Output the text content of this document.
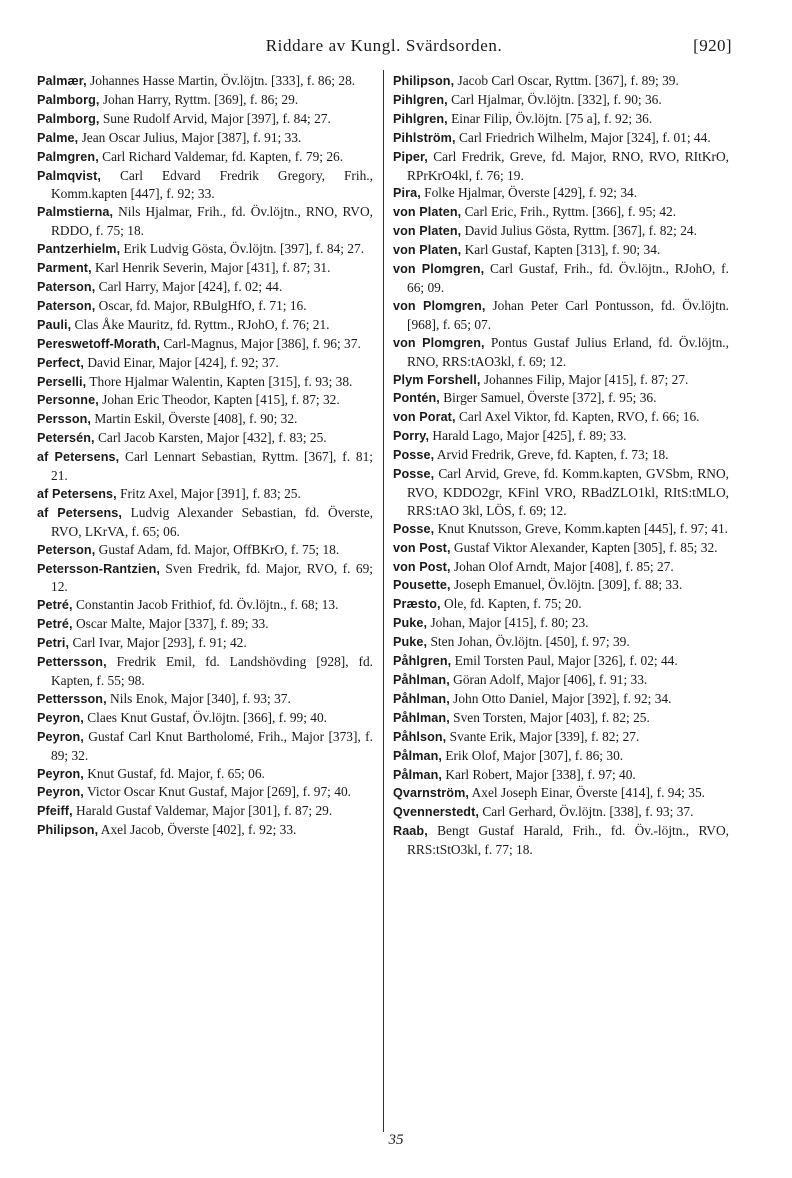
Riddare av Kungl. Svärdsorden.	[920]

Palmær, Johannes Hasse Martin, Öv.löjtn. [333], f. 86; 28.

Palmborg, Johan Harry, Ryttm. [369], f. 86; 29.

Palmborg, Sune Rudolf Arvid, Major [397], f. 84; 27.

Palme, Jean Oscar Julius, Major [387], f. 91; 33.

Palmgren, Carl Richard Valdemar, fd. Kapten, f. 79; 26.

Palmqvist, Carl Edvard Fredrik Gregory, Frih., Komm.kapten [447], f. 92; 33.

Palmstierna, Nils Hjalmar, Frih., fd. Öv.löjtn., RNO, RVO, RDDO, f. 75; 18.

Pantzerhielm, Erik Ludvig Gösta, Öv.löjtn. [397], f. 84; 27.

Parment, Karl Henrik Severin, Major [431], f. 87; 31.

Paterson, Carl Harry, Major [424], f. 02; 44.

Paterson, Oscar, fd. Major, RBulgHfO, f. 71; 16.

Pauli, Clas Åke Mauritz, fd. Ryttm., RJohO, f. 76; 21.

Pereswetoff-Morath, Carl-Magnus, Major [386], f. 96; 37.

Perfect, David Einar, Major [424], f. 92; 37.

Perselli, Thore Hjalmar Walentin, Kapten [315], f. 93; 38.

Personne, Johan Eric Theodor, Kapten [415], f. 87; 32.

Persson, Martin Eskil, Överste [408], f. 90; 32.

Petersén, Carl Jacob Karsten, Major [432], f. 83; 25.

af Petersens, Carl Lennart Sebastian, Ryttm. [367], f. 81; 21.

af Petersens, Fritz Axel, Major [391], f. 83; 25.

af Petersens, Ludvig Alexander Sebastian, fd. Överste, RVO, LKrVA, f. 65; 06.

Peterson, Gustaf Adam, fd. Major, OffBKrO, f. 75; 18.

Petersson-Rantzien, Sven Fredrik, fd. Major, RVO, f. 69; 12.

Petré, Constantin Jacob Frithiof, fd. Öv.löjtn., f. 68; 13.

Petré, Oscar Malte, Major [337], f. 89; 33.

Petri, Carl Ivar, Major [293], f. 91; 42.

Pettersson, Fredrik Emil, fd. Landshövding [928], fd. Kapten, f. 55; 98.

Pettersson, Nils Enok, Major [340], f. 93; 37.

Peyron, Claes Knut Gustaf, Öv.löjtn. [366], f. 99; 40.

Peyron, Gustaf Carl Knut Bartholomé, Frih., Major [373], f. 89; 32.

Peyron, Knut Gustaf, fd. Major, f. 65; 06.

Peyron, Victor Oscar Knut Gustaf, Major [269], f. 97; 40.

Pfeiff, Harald Gustaf Valdemar, Major [301], f. 87; 29.

Philipson, Axel Jacob, Överste [402], f. 92; 33.

Philipson, Jacob Carl Oscar, Ryttm. [367], f. 89; 39.

Pihlgren, Carl Hjalmar, Öv.löjtn. [332], f. 90; 36.

Pihlgren, Einar Filip, Öv.löjtn. [75 a], f. 92; 36.

Pihlström, Carl Friedrich Wilhelm, Major [324], f. 01; 44.

Piper, Carl Fredrik, Greve, fd. Major, RNO, RVO, RItKrO, RPrKrO4kl, f. 76; 19.

Pira, Folke Hjalmar, Överste [429], f. 92; 34.

von Platen, Carl Eric, Frih., Ryttm. [366], f. 95; 42.

von Platen, David Julius Gösta, Ryttm. [367], f. 82; 24.

von Platen, Karl Gustaf, Kapten [313], f. 90; 34.

von Plomgren, Carl Gustaf, Frih., fd. Öv.löjtn., RJohO, f. 66; 09.

von Plomgren, Johan Peter Carl Pontusson, fd. Öv.löjtn. [968], f. 65; 07.

von Plomgren, Pontus Gustaf Julius Erland, fd. Öv.löjtn., RNO, RRS:tAO3kl, f. 69; 12.

Plym Forshell, Johannes Filip, Major [415], f. 87; 27.

Pontén, Birger Samuel, Överste [372], f. 95; 36.

von Porat, Carl Axel Viktor, fd. Kapten, RVO, f. 66; 16.

Porry, Harald Lago, Major [425], f. 89; 33.

Posse, Arvid Fredrik, Greve, fd. Kapten, f. 73; 18.

Posse, Carl Arvid, Greve, fd. Komm.kapten, GVSbm, RNO, RVO, KDDO2gr, KFinl VRO, RBadZLO1kl, RItS:tMLO, RRS:tAO 3kl, LÖS, f. 69; 12.

Posse, Knut Knutsson, Greve, Komm.kapten [445], f. 97; 41.

von Post, Gustaf Viktor Alexander, Kapten [305], f. 85; 32.

von Post, Johan Olof Arndt, Major [408], f. 85; 27.

Pousette, Joseph Emanuel, Öv.löjtn. [309], f. 88; 33.

Præsto, Ole, fd. Kapten, f. 75; 20.

Puke, Johan, Major [415], f. 80; 23.

Puke, Sten Johan, Öv.löjtn. [450], f. 97; 39.

Påhlgren, Emil Torsten Paul, Major [326], f. 02; 44.

Påhlman, Göran Adolf, Major [406], f. 91; 33.

Påhlman, John Otto Daniel, Major [392], f. 92; 34.

Påhlman, Sven Torsten, Major [403], f. 82; 25.

Påhlson, Svante Erik, Major [339], f. 82; 27.

Pålman, Erik Olof, Major [307], f. 86; 30.

Pålman, Karl Robert, Major [338], f. 97; 40.

Qvarnström, Axel Joseph Einar, Överste [414], f. 94; 35.

Qvennerstedt, Carl Gerhard, Öv.löjtn. [338], f. 93; 37.

Raab, Bengt Gustaf Harald, Frih., fd. Öv.-löjtn., RVO, RRS:tStO3kl, f. 77; 18.

35
